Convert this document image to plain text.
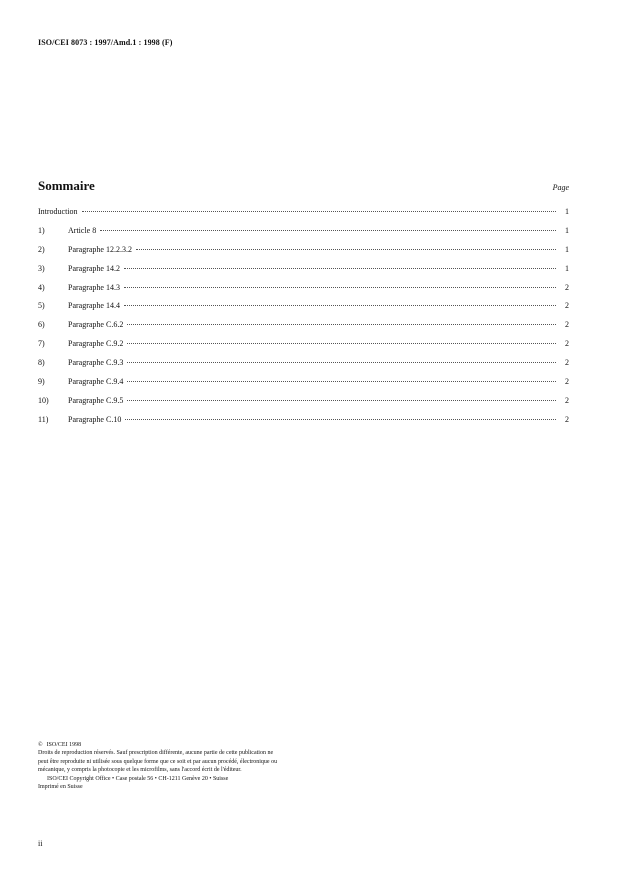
ISO/CEI 8073 : 1997/Amd.1 : 1998 (F)
Sommaire	Page
Introduction	1
1)	Article 8	1
2)	Paragraphe 12.2.3.2	1
3)	Paragraphe 14.2	1
4)	Paragraphe 14.3	2
5)	Paragraphe 14.4	2
6)	Paragraphe C.6.2	2
7)	Paragraphe C.9.2	2
8)	Paragraphe C.9.3	2
9)	Paragraphe C.9.4	2
10)	Paragraphe C.9.5	2
11)	Paragraphe C.10	2
© ISO/CEI 1998
Droits de reproduction réservés. Sauf prescription différente, aucune partie de cette publication ne
peut être reproduite ni utilisée sous quelque forme que ce soit et par aucun procédé, électronique ou
mécanique, y compris la photocopie et les microfilms, sans l'accord écrit de l'éditeur.
ISO/CEI Copyright Office • Case postale 56 • CH-1211 Genève 20 • Suisse
Imprimé en Suisse
ii
